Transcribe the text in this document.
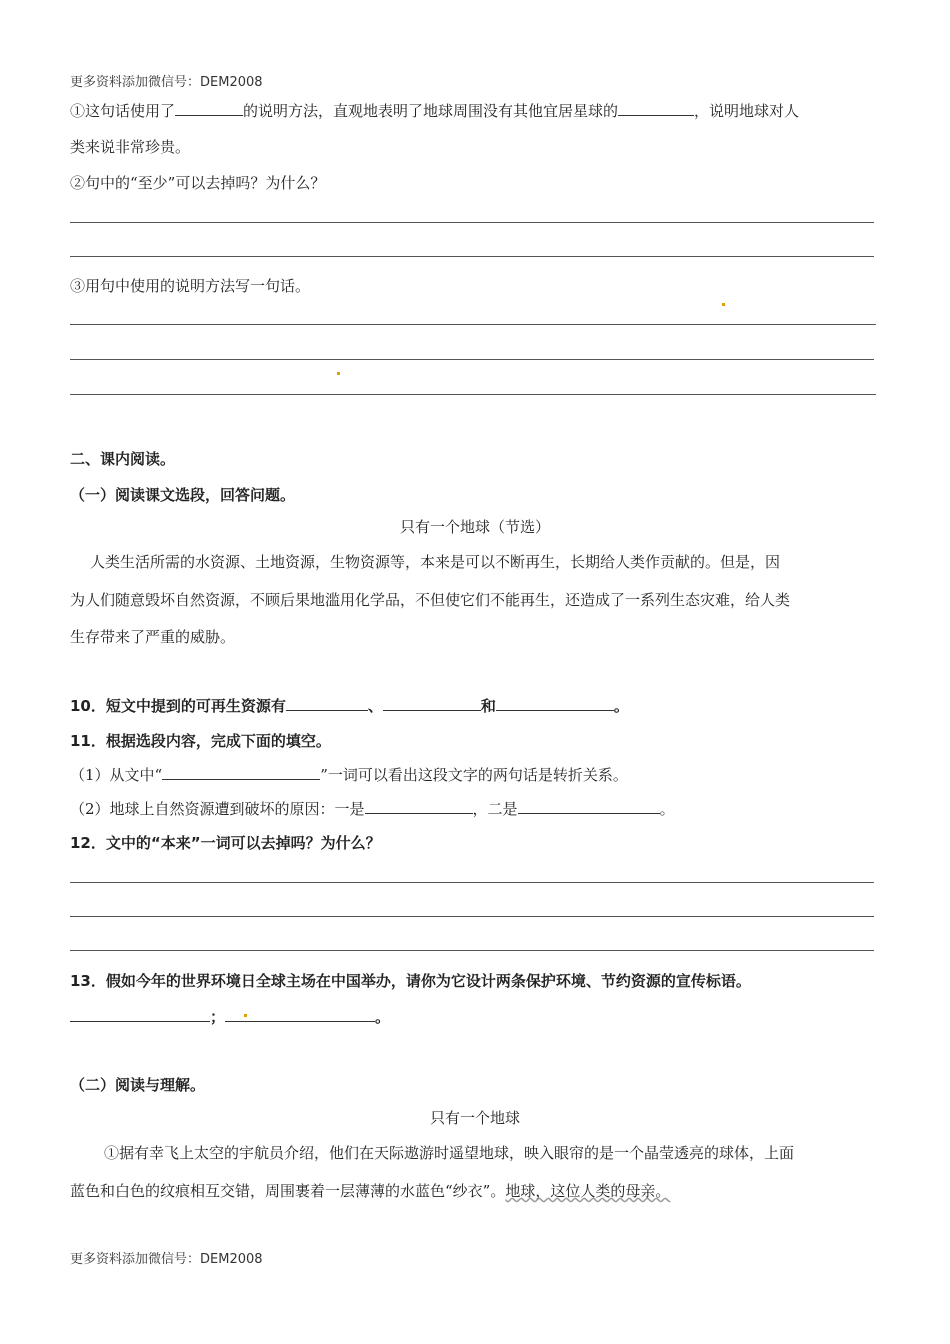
更多资料添加微信号：DEM2008
①这句话使用了	的说明方法，直观地表明了地球周围没有其他宜居星球的	，说明地球对人
类来说非常珍贵。
②句中的“至少”可以去掉吗？为什么？
③用句中使用的说明方法写一句话。
二、课内阅读。
（一）阅读课文选段，回答问题。
只有一个地球（节选）
人类生活所需的水资源、土地资源，生物资源等，本来是可以不断再生，长期给人类作贡献的。但是，因
为人们随意毁坏自然资源，不顾后果地滥用化学品，不但使它们不能再生，还造成了一系列生态灾难，给人类
生存带来了严重的威胁。
10．短文中提到的可再生资源有	、	和	。
11．根据选段内容，完成下面的填空。
（1）从文中“	”一词可以看出这段文字的两句话是转折关系。
（2）地球上自然资源遭到破坏的原因：一是	，二是	。
12．文中的“本来”一词可以去掉吗？为什么？
13．假如今年的世界环境日全球主场在中国举办，请你为它设计两条保护环境、节约资源的宣传标语。
；	。
（二）阅读与理解。
只有一个地球
①据有幸飞上太空的宇航员介绍，他们在天际遨游时遥望地球，映入眼帘的是一个晶莹透亮的球体，上面
蓝色和白色的纹痕相互交错，周围裹着一层薄薄的水蓝色“纱衣”。地球，这位人类的母亲。
更多资料添加微信号：DEM2008
